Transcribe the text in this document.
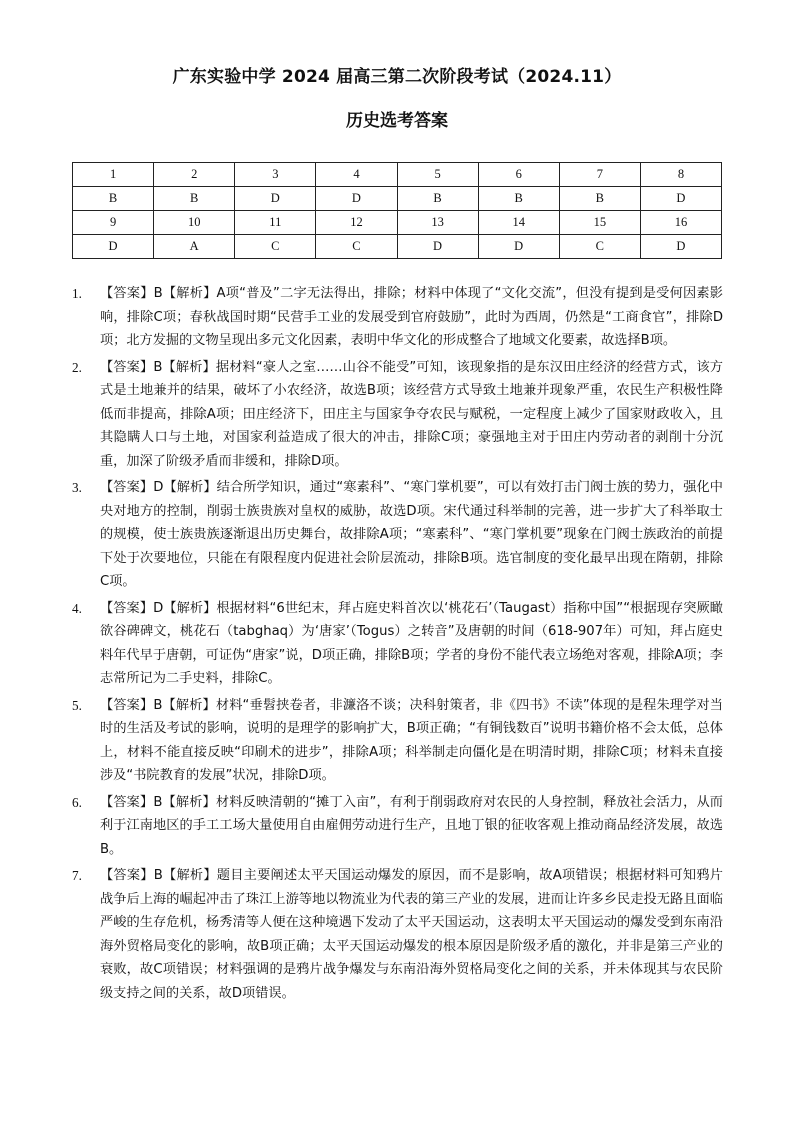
广东实验中学 2024 届高三第二次阶段考试（2024.11）
历史选考答案
1	2	3	4	5	6	7	8
B	B	D	D	B	B	B	D
9	10	11	12	13	14	15	16
D	A	C	C	D	D	C	D
1.	【答案】B【解析】A项“普及”二字无法得出，排除；材料中体现了“文化交流”，但没有提到是受何因素影响，排除C项；春秋战国时期“民营手工业的发展受到官府鼓励”，此时为西周，仍然是“工商食官”，排除D项；北方发掘的文物呈现出多元文化因素，表明中华文化的形成整合了地域文化要素，故选择B项。
2.	【答案】B【解析】据材料“豪人之室……山谷不能受”可知，该现象指的是东汉田庄经济的经营方式，该方式是土地兼并的结果，破坏了小农经济，故选B项；该经营方式导致土地兼并现象严重，农民生产积极性降低而非提高，排除A项；田庄经济下，田庄主与国家争夺农民与赋税，一定程度上减少了国家财政收入，且其隐瞒人口与土地，对国家利益造成了很大的冲击，排除C项；豪强地主对于田庄内劳动者的剥削十分沉重，加深了阶级矛盾而非缓和，排除D项。
3.	【答案】D【解析】结合所学知识，通过“寒素科”、“寒门掌机要”，可以有效打击门阀士族的势力，强化中央对地方的控制，削弱士族贵族对皇权的威胁，故选D项。宋代通过科举制的完善，进一步扩大了科举取士的规模，使士族贵族逐渐退出历史舞台，故排除A项；“寒素科”、“寒门掌机要”现象在门阀士族政治的前提下处于次要地位，只能在有限程度内促进社会阶层流动，排除B项。选官制度的变化最早出现在隋朝，排除C项。
4.	【答案】D【解析】根据材料“6世纪末，拜占庭史料首次以‘桃花石’（Taugast）指称中国”“根据现存突厥瞰欲谷碑碑文，桃花石（tabghaq）为‘唐家’（Togus）之转音”及唐朝的时间（618-907年）可知，拜占庭史料年代早于唐朝，可证伪“唐家”说，D项正确，排除B项；学者的身份不能代表立场绝对客观，排除A项；李志常所记为二手史料，排除C。
5.	【答案】B【解析】材料“垂髫挟卷者，非濂洛不谈；决科射策者，非《四书》不读”体现的是程朱理学对当时的生活及考试的影响，说明的是理学的影响扩大，B项正确；“有铜钱数百”说明书籍价格不会太低，总体上，材料不能直接反映“印刷术的进步”，排除A项；科举制走向僵化是在明清时期，排除C项；材料未直接涉及“书院教育的发展”状况，排除D项。
6.	【答案】B【解析】材料反映清朝的“摊丁入亩”，有利于削弱政府对农民的人身控制，释放社会活力，从而利于江南地区的手工工场大量使用自由雇佣劳动进行生产，且地丁银的征收客观上推动商品经济发展，故选B。
7.	【答案】B【解析】题目主要阐述太平天国运动爆发的原因，而不是影响，故A项错误；根据材料可知鸦片战争后上海的崛起冲击了珠江上游等地以物流业为代表的第三产业的发展，进而让许多乡民走投无路且面临严峻的生存危机，杨秀清等人便在这种境遇下发动了太平天国运动，这表明太平天国运动的爆发受到东南沿海外贸格局变化的影响，故B项正确；太平天国运动爆发的根本原因是阶级矛盾的激化，并非是第三产业的衰败，故C项错误；材料强调的是鸦片战争爆发与东南沿海外贸格局变化之间的关系，并未体现其与农民阶级支持之间的关系，故D项错误。
